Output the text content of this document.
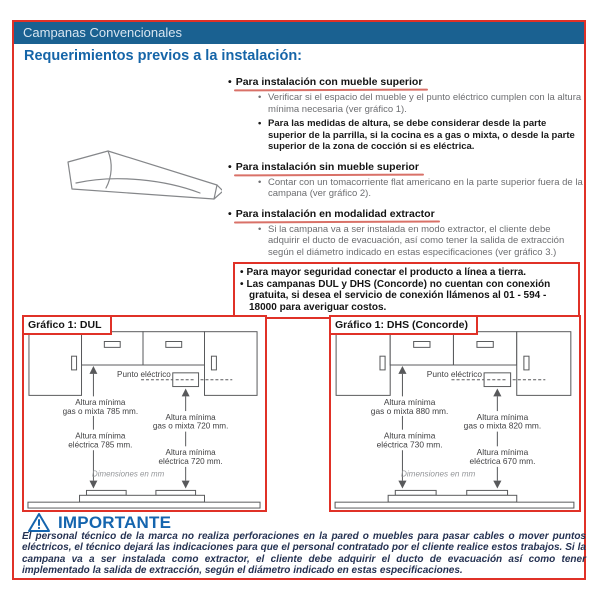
Campanas Convencionales
Requerimientos previos a la instalación:
• Para instalación con mueble superior
• Verificar si el espacio del mueble y el punto eléctrico cumplen con la altura mínima necesaria (ver gráfico 1).
• Para las medidas de altura, se debe considerar desde la parte superior de la parrilla, si la cocina es a gas o mixta, o desde la parte superior de la zona de cocción si es eléctrica.
• Para instalación sin mueble superior
• Contar con un tomacorriente flat americano en la parte superior fuera de la campana (ver gráfico 2).
• Para instalación en modalidad extractor
• Si la campana va a ser instalada en modo extractor, el cliente debe adquirir el ducto de evacuación, así como tener la salida de extracción según el diámetro indicado en estas especificaciones (ver gráfico 3.)
• Para mayor seguridad conectar el producto a línea a tierra.
• Las campanas DUL y DHS (Concorde) no cuentan con conexión gratuita, si desea el servicio de conexión llámenos al 01 - 594 - 18000 para averiguar costos.
Gráfico 1: DUL
Punto eléctrico
Altura mínima
gas o mixta 785 mm.
Altura mínima
eléctrica 785 mm.
Altura mínima
gas o mixta 720 mm.
Altura mínima
eléctrica 720 mm.
Dimensiones en mm
Gráfico 1: DHS (Concorde)
Punto eléctrico
Altura mínima
gas o mixta 880 mm.
Altura mínima
eléctrica 730 mm.
Altura mínima
gas o mixta 820 mm.
Altura mínima
eléctrica 670 mm.
Dimensiones en mm
IMPORTANTE
El personal técnico de la marca no realiza perforaciones en la pared o muebles para pasar cables o mover puntos eléctricos, el técnico dejará las indicaciones para que el personal contratado por el cliente realice estos trabajos. Si la campana va a ser instalada como extractor, el cliente debe adquirir el ducto de evacuación así como tener implementado la salida de extracción, según el diámetro indicado en estas especificaciones.
